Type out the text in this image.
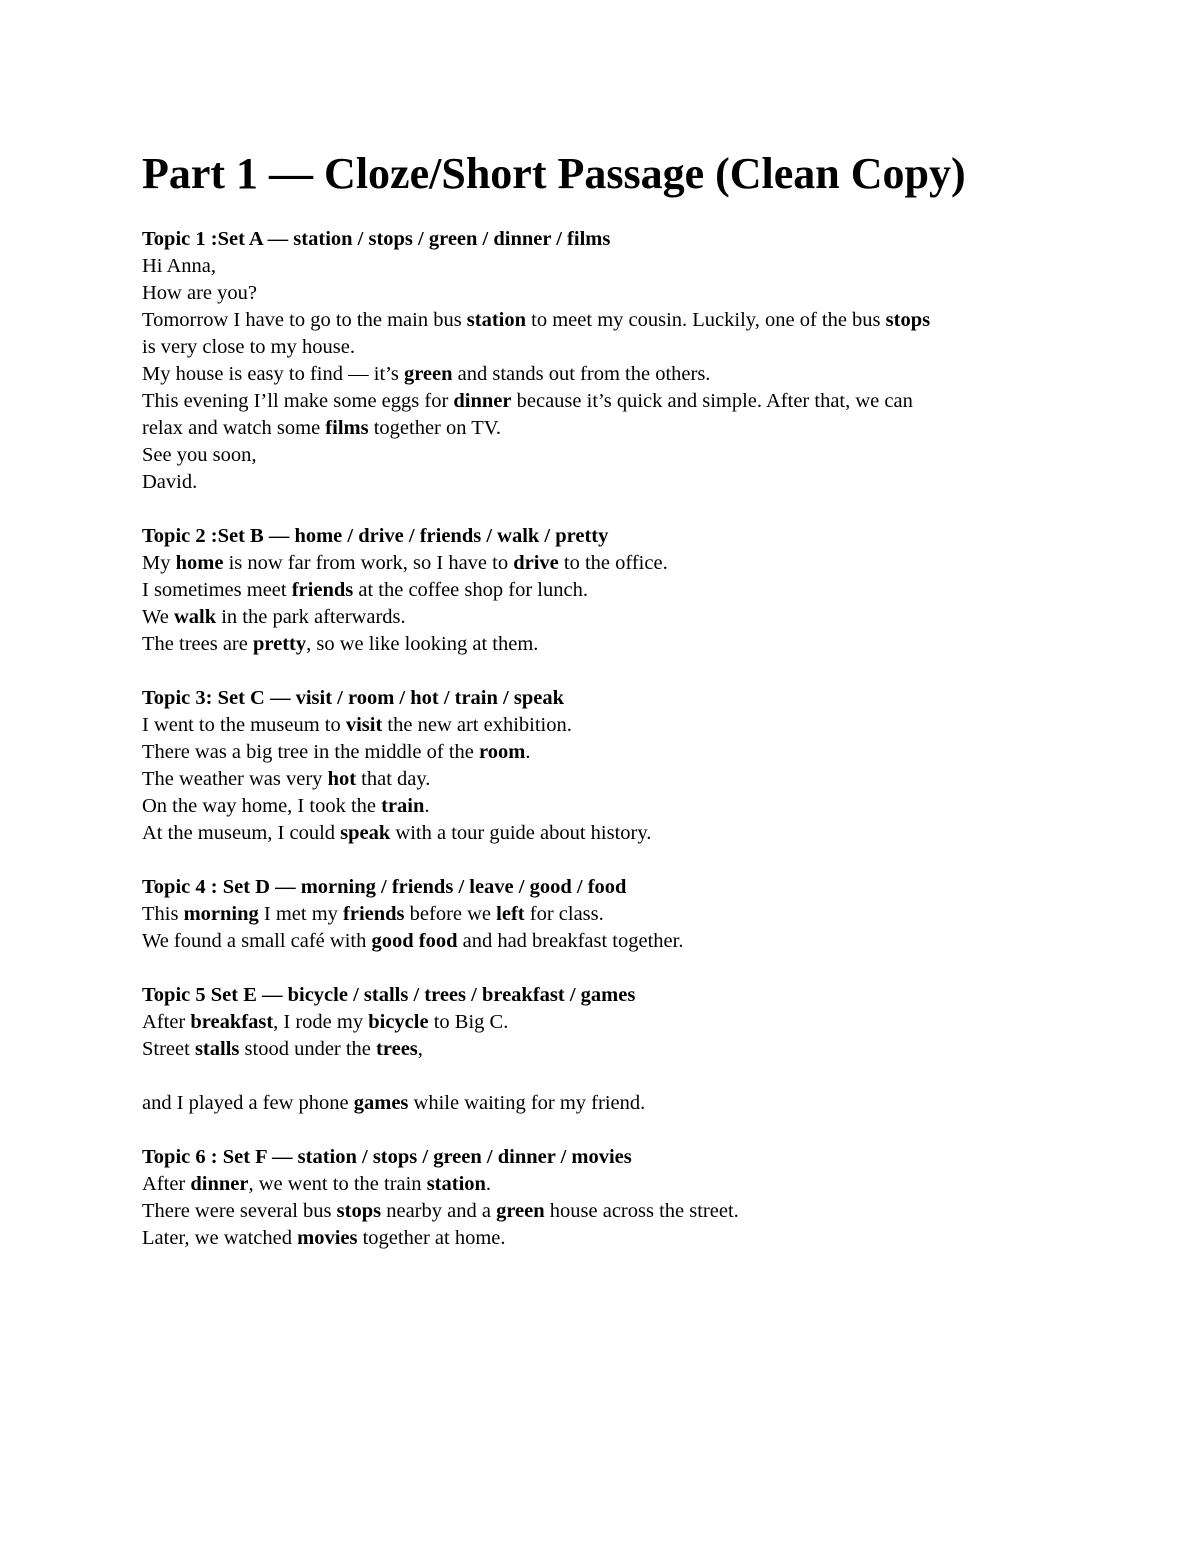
Part 1 — Cloze/Short Passage (Clean Copy)
Topic 1 :Set A — station / stops / green / dinner / films
Hi Anna,
How are you?
Tomorrow I have to go to the main bus station to meet my cousin. Luckily, one of the bus stops
is very close to my house.
My house is easy to find — it’s green and stands out from the others.
This evening I’ll make some eggs for dinner because it’s quick and simple. After that, we can
relax and watch some films together on TV.
See you soon,
David.
Topic 2 :Set B — home / drive / friends / walk / pretty
My home is now far from work, so I have to drive to the office.
I sometimes meet friends at the coffee shop for lunch.
We walk in the park afterwards.
The trees are pretty, so we like looking at them.
Topic 3: Set C — visit / room / hot / train / speak
I went to the museum to visit the new art exhibition.
There was a big tree in the middle of the room.
The weather was very hot that day.
On the way home, I took the train.
At the museum, I could speak with a tour guide about history.
Topic 4 : Set D — morning / friends / leave / good / food
This morning I met my friends before we left for class.
We found a small café with good food and had breakfast together.
Topic 5 Set E — bicycle / stalls / trees / breakfast / games
After breakfast, I rode my bicycle to Big C.
Street stalls stood under the trees,
and I played a few phone games while waiting for my friend.
Topic 6 : Set F — station / stops / green / dinner / movies
After dinner, we went to the train station.
There were several bus stops nearby and a green house across the street.
Later, we watched movies together at home.
